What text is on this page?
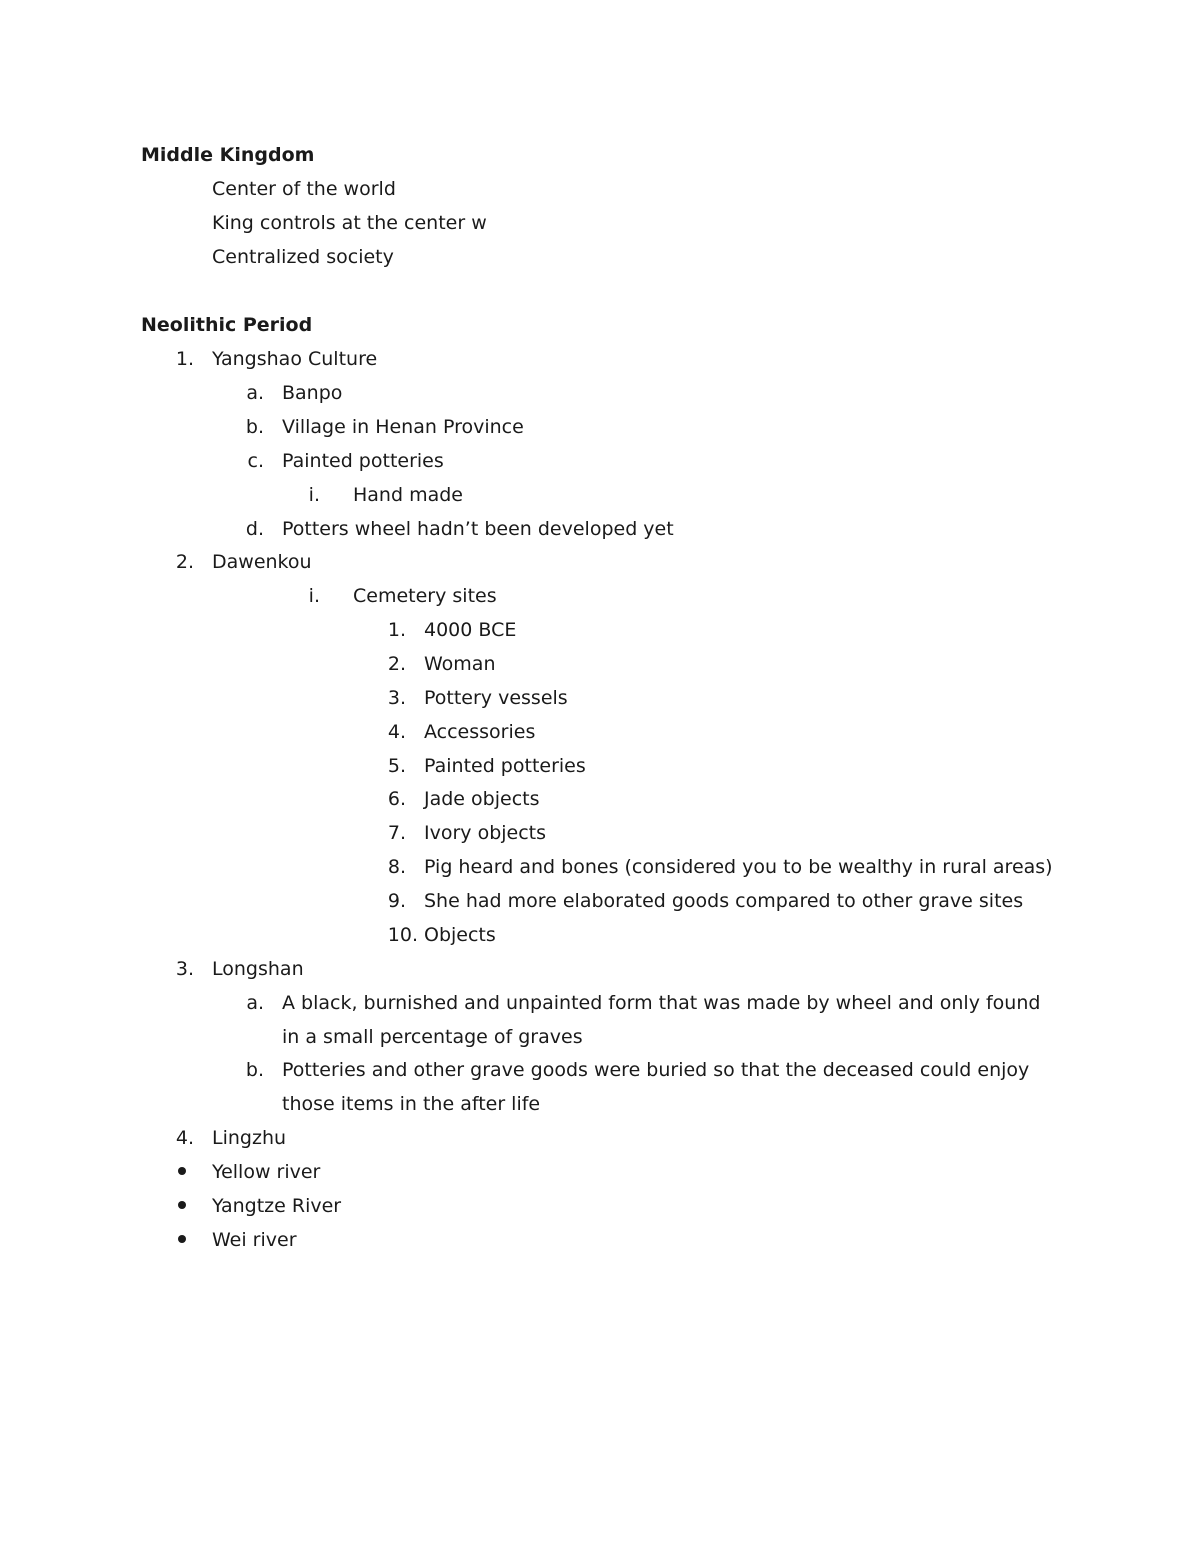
Middle Kingdom
Center of the world
King controls at the center w
Centralized society
Neolithic Period
1. Yangshao Culture
a. Banpo
b. Village in Henan Province
c. Painted potteries
i. Hand made
d. Potters wheel hadn’t been developed yet
2. Dawenkou
i. Cemetery sites
1. 4000 BCE
2. Woman
3. Pottery vessels
4. Accessories
5. Painted potteries
6. Jade objects
7. Ivory objects
8. Pig heard and bones (considered you to be wealthy in rural areas)
9. She had more elaborated goods compared to other grave sites
10. Objects
3. Longshan
a. A black, burnished and unpainted form that was made by wheel and only found
in a small percentage of graves
b. Potteries and other grave goods were buried so that the deceased could enjoy
those items in the after life
4. Lingzhu
Yellow river
Yangtze River
Wei river
